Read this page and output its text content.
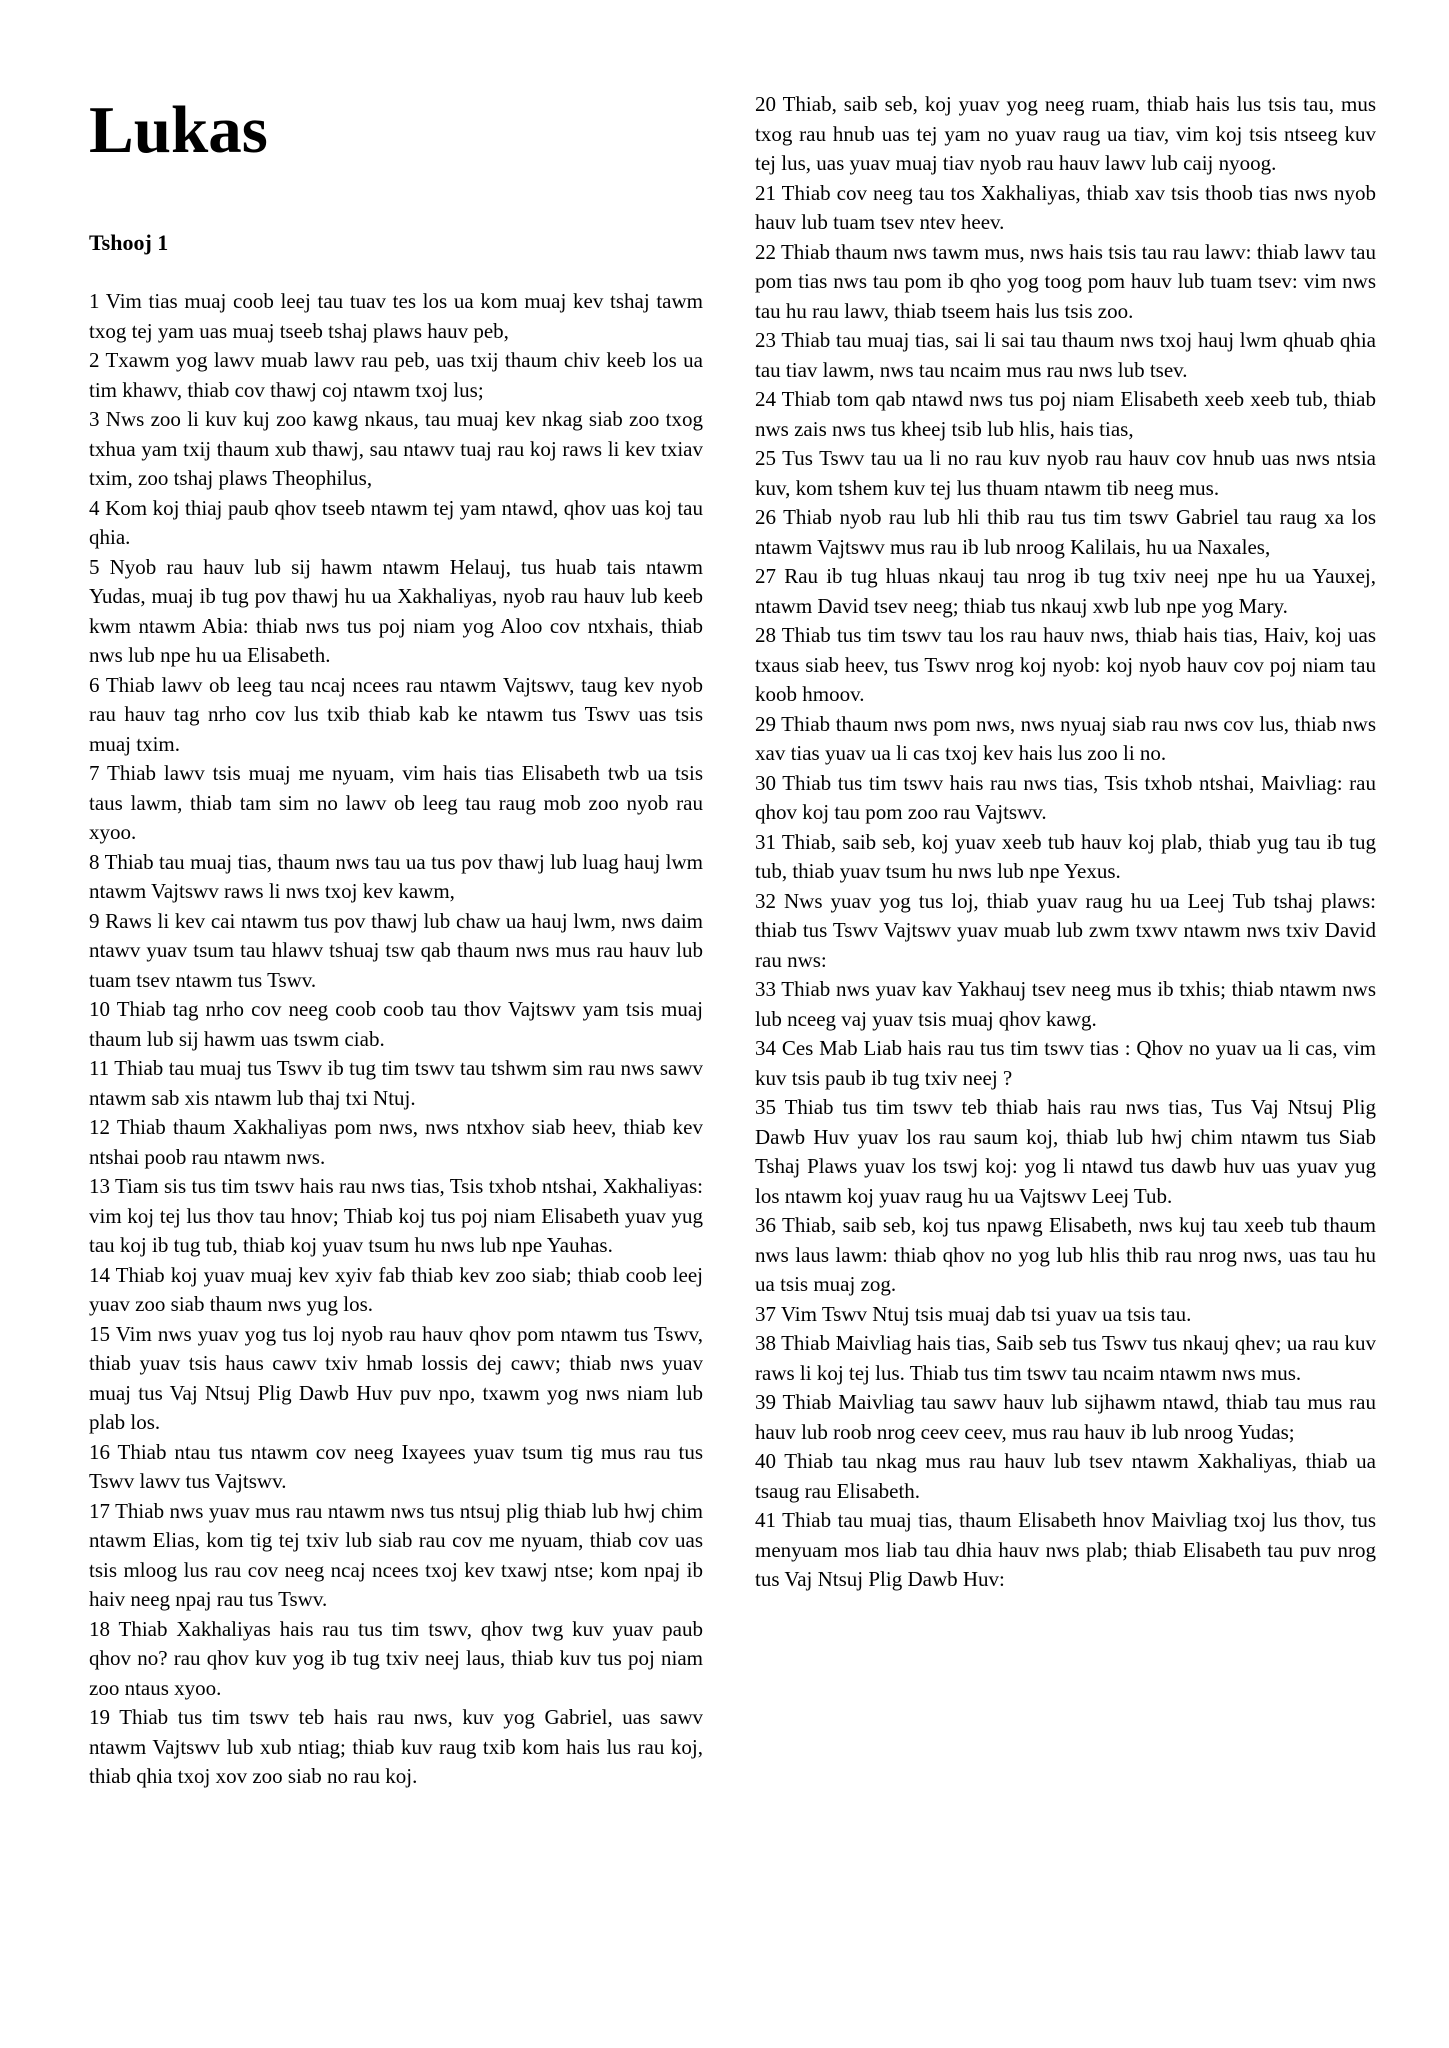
Lukas
Tshooj 1

1 Vim tias muaj coob leej tau tuav tes los ua kom muaj kev tshaj tawm txog tej yam uas muaj tseeb tshaj plaws hauv peb,

2 Txawm yog lawv muab lawv rau peb, uas txij thaum chiv keeb los ua tim khawv, thiab cov thawj coj ntawm txoj lus;

3 Nws zoo li kuv kuj zoo kawg nkaus, tau muaj kev nkag siab zoo txog txhua yam txij thaum xub thawj, sau ntawv tuaj rau koj raws li kev txiav txim, zoo tshaj plaws Theophilus,

4 Kom koj thiaj paub qhov tseeb ntawm tej yam ntawd, qhov uas koj tau qhia.

5 Nyob rau hauv lub sij hawm ntawm Helauj, tus huab tais ntawm Yudas, muaj ib tug pov thawj hu ua Xakhaliyas, nyob rau hauv lub keeb kwm ntawm Abia: thiab nws tus poj niam yog Aloo cov ntxhais, thiab nws lub npe hu ua Elisabeth.

6 Thiab lawv ob leeg tau ncaj ncees rau ntawm Vajtswv, taug kev nyob rau hauv tag nrho cov lus txib thiab kab ke ntawm tus Tswv uas tsis muaj txim.

7 Thiab lawv tsis muaj me nyuam, vim hais tias Elisabeth twb ua tsis taus lawm, thiab tam sim no lawv ob leeg tau raug mob zoo nyob rau xyoo.

8 Thiab tau muaj tias, thaum nws tau ua tus pov thawj lub luag hauj lwm ntawm Vajtswv raws li nws txoj kev kawm,

9 Raws li kev cai ntawm tus pov thawj lub chaw ua hauj lwm, nws daim ntawv yuav tsum tau hlawv tshuaj tsw qab thaum nws mus rau hauv lub tuam tsev ntawm tus Tswv.

10 Thiab tag nrho cov neeg coob coob tau thov Vajtswv yam tsis muaj thaum lub sij hawm uas tswm ciab.

11 Thiab tau muaj tus Tswv ib tug tim tswv tau tshwm sim rau nws sawv ntawm sab xis ntawm lub thaj txi Ntuj.

12 Thiab thaum Xakhaliyas pom nws, nws ntxhov siab heev, thiab kev ntshai poob rau ntawm nws.

13 Tiam sis tus tim tswv hais rau nws tias, Tsis txhob ntshai, Xakhaliyas: vim koj tej lus thov tau hnov; Thiab koj tus poj niam Elisabeth yuav yug tau koj ib tug tub, thiab koj yuav tsum hu nws lub npe Yauhas.

14 Thiab koj yuav muaj kev xyiv fab thiab kev zoo siab; thiab coob leej yuav zoo siab thaum nws yug los.

15 Vim nws yuav yog tus loj nyob rau hauv qhov pom ntawm tus Tswv, thiab yuav tsis haus cawv txiv hmab lossis dej cawv; thiab nws yuav muaj tus Vaj Ntsuj Plig Dawb Huv puv npo, txawm yog nws niam lub plab los.

16 Thiab ntau tus ntawm cov neeg Ixayees yuav tsum tig mus rau tus Tswv lawv tus Vajtswv.

17 Thiab nws yuav mus rau ntawm nws tus ntsuj plig thiab lub hwj chim ntawm Elias, kom tig tej txiv lub siab rau cov me nyuam, thiab cov uas tsis mloog lus rau cov neeg ncaj ncees txoj kev txawj ntse; kom npaj ib haiv neeg npaj rau tus Tswv.

18 Thiab Xakhaliyas hais rau tus tim tswv, qhov twg kuv yuav paub qhov no? rau qhov kuv yog ib tug txiv neej laus, thiab kuv tus poj niam zoo ntaus xyoo.

19 Thiab tus tim tswv teb hais rau nws, kuv yog Gabriel, uas sawv ntawm Vajtswv lub xub ntiag; thiab kuv raug txib kom hais lus rau koj, thiab qhia txoj xov zoo siab no rau koj.

20 Thiab, saib seb, koj yuav yog neeg ruam, thiab hais lus tsis tau, mus txog rau hnub uas tej yam no yuav raug ua tiav, vim koj tsis ntseeg kuv tej lus, uas yuav muaj tiav nyob rau hauv lawv lub caij nyoog.

21 Thiab cov neeg tau tos Xakhaliyas, thiab xav tsis thoob tias nws nyob hauv lub tuam tsev ntev heev.

22 Thiab thaum nws tawm mus, nws hais tsis tau rau lawv: thiab lawv tau pom tias nws tau pom ib qho yog toog pom hauv lub tuam tsev: vim nws tau hu rau lawv, thiab tseem hais lus tsis zoo.

23 Thiab tau muaj tias, sai li sai tau thaum nws txoj hauj lwm qhuab qhia tau tiav lawm, nws tau ncaim mus rau nws lub tsev.

24 Thiab tom qab ntawd nws tus poj niam Elisabeth xeeb xeeb tub, thiab nws zais nws tus kheej tsib lub hlis, hais tias,

25 Tus Tswv tau ua li no rau kuv nyob rau hauv cov hnub uas nws ntsia kuv, kom tshem kuv tej lus thuam ntawm tib neeg mus.

26 Thiab nyob rau lub hli thib rau tus tim tswv Gabriel tau raug xa los ntawm Vajtswv mus rau ib lub nroog Kalilais, hu ua Naxales,

27 Rau ib tug hluas nkauj tau nrog ib tug txiv neej npe hu ua Yauxej, ntawm David tsev neeg; thiab tus nkauj xwb lub npe yog Mary.

28 Thiab tus tim tswv tau los rau hauv nws, thiab hais tias, Haiv, koj uas txaus siab heev, tus Tswv nrog koj nyob: koj nyob hauv cov poj niam tau koob hmoov.

29 Thiab thaum nws pom nws, nws nyuaj siab rau nws cov lus, thiab nws xav tias yuav ua li cas txoj kev hais lus zoo li no.

30 Thiab tus tim tswv hais rau nws tias, Tsis txhob ntshai, Maivliag: rau qhov koj tau pom zoo rau Vajtswv.

31 Thiab, saib seb, koj yuav xeeb tub hauv koj plab, thiab yug tau ib tug tub, thiab yuav tsum hu nws lub npe Yexus.

32 Nws yuav yog tus loj, thiab yuav raug hu ua Leej Tub tshaj plaws: thiab tus Tswv Vajtswv yuav muab lub zwm txwv ntawm nws txiv David rau nws:

33 Thiab nws yuav kav Yakhauj tsev neeg mus ib txhis; thiab ntawm nws lub nceeg vaj yuav tsis muaj qhov kawg.

34 Ces Mab Liab hais rau tus tim tswv tias : Qhov no yuav ua li cas, vim kuv tsis paub ib tug txiv neej ?

35 Thiab tus tim tswv teb thiab hais rau nws tias, Tus Vaj Ntsuj Plig Dawb Huv yuav los rau saum koj, thiab lub hwj chim ntawm tus Siab Tshaj Plaws yuav los tswj koj: yog li ntawd tus dawb huv uas yuav yug los ntawm koj yuav raug hu ua Vajtswv Leej Tub.

36 Thiab, saib seb, koj tus npawg Elisabeth, nws kuj tau xeeb tub thaum nws laus lawm: thiab qhov no yog lub hlis thib rau nrog nws, uas tau hu ua tsis muaj zog.

37 Vim Tswv Ntuj tsis muaj dab tsi yuav ua tsis tau.

38 Thiab Maivliag hais tias, Saib seb tus Tswv tus nkauj qhev; ua rau kuv raws li koj tej lus. Thiab tus tim tswv tau ncaim ntawm nws mus.

39 Thiab Maivliag tau sawv hauv lub sijhawm ntawd, thiab tau mus rau hauv lub roob nrog ceev ceev, mus rau hauv ib lub nroog Yudas;

40 Thiab tau nkag mus rau hauv lub tsev ntawm Xakhaliyas, thiab ua tsaug rau Elisabeth.

41 Thiab tau muaj tias, thaum Elisabeth hnov Maivliag txoj lus thov, tus menyuam mos liab tau dhia hauv nws plab; thiab Elisabeth tau puv nrog tus Vaj Ntsuj Plig Dawb Huv:
